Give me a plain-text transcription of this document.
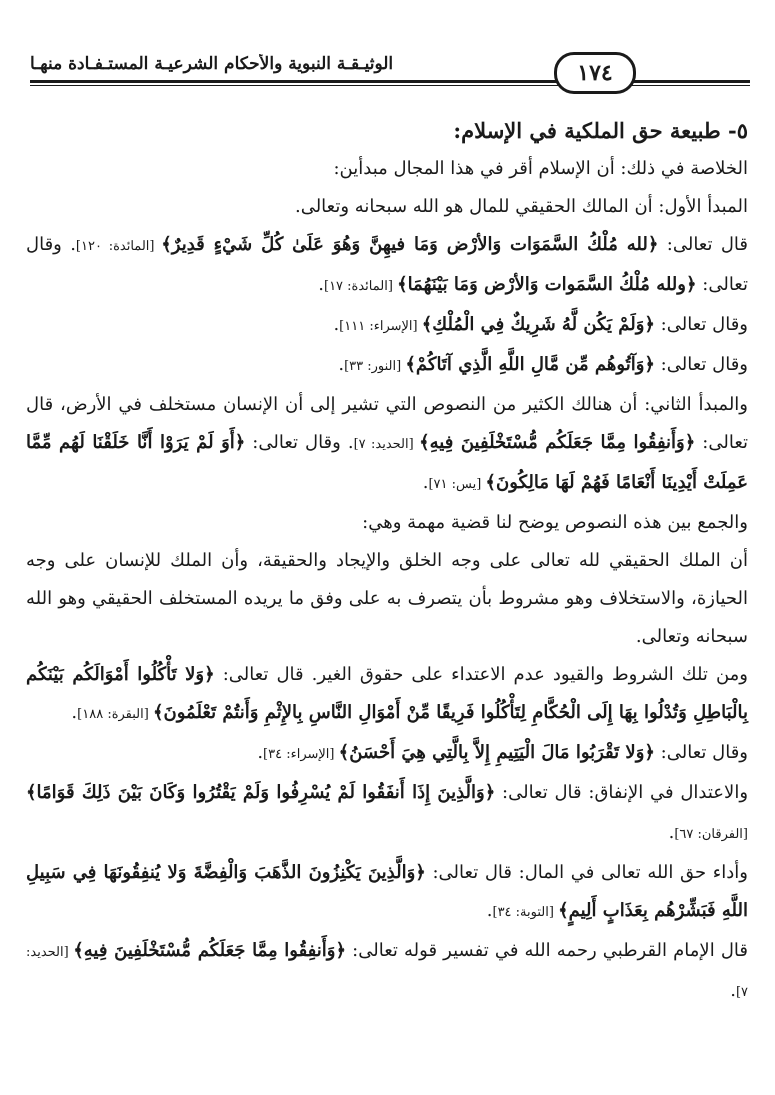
١٧٤
الوثيـقـة النبوية والأحكام الشرعيـة المستـفـادة منهـا

٥- طبيعة حق الملكية في الإسلام:

الخلاصة في ذلك: أن الإسلام أقر في هذا المجال مبدأين:

المبدأ الأول: أن المالك الحقيقي للمال هو الله سبحانه وتعالى.

قال تعالى: ﴿لله مُلْكُ السَّمَوَات وَالأرْض وَمَا فيهِنَّ وَهُوَ عَلَىٰ كُلِّ شَيْءٍ قَدِيرٌ﴾ [المائدة: ١٢٠]. وقال تعالى: ﴿ولله مُلْكُ السَّمَوات وَالأرْض وَمَا بَيْنَهُمَا﴾ [المائدة: ١٧].

وقال تعالى: ﴿وَلَمْ يَكُن لَّهُ شَرِيكٌ فِي الْمُلْكِ﴾ [الإسراء: ١١١].

وقال تعالى: ﴿وَآتُوهُم مِّن مَّالِ اللَّهِ الَّذِي آتَاكُمْ﴾ [النور: ٣٣].

والمبدأ الثاني: أن هنالك الكثير من النصوص التي تشير إلى أن الإنسان مستخلف في الأرض، قال تعالى: ﴿وَأَنفِقُوا مِمَّا جَعَلَكُم مُّسْتَخْلَفِينَ فِيهِ﴾ [الحديد: ٧]. وقال تعالى: ﴿أَوَ لَمْ يَرَوْا أَنَّا خَلَقْنَا لَهُم مِّمَّا عَمِلَتْ أَيْدِينَا أَنْعَامًا فَهُمْ لَهَا مَالِكُونَ﴾ [يس: ٧١].

والجمع بين هذه النصوص يوضح لنا قضية مهمة وهي:

أن الملك الحقيقي لله تعالى على وجه الخلق والإيجاد والحقيقة، وأن الملك للإنسان على وجه الحيازة، والاستخلاف وهو مشروط بأن يتصرف به على وفق ما يريده المستخلف الحقيقي وهو الله سبحانه وتعالى.

ومن تلك الشروط والقيود عدم الاعتداء على حقوق الغير. قال تعالى: ﴿وَلا تَأْكُلُوا أَمْوَالَكُم بَيْنَكُم بِالْبَاطِلِ وَتُدْلُوا بِهَا إِلَى الْحُكَّامِ لِتَأْكُلُوا فَرِيقًا مِّنْ أَمْوَالِ النَّاسِ بِالإِثْمِ وَأَنتُمْ تَعْلَمُونَ﴾ [البقرة: ١٨٨].

وقال تعالى: ﴿وَلا تَقْرَبُوا مَالَ الْيَتِيمِ إِلاَّ بِالَّتِي هِيَ أَحْسَنُ﴾ [الإسراء: ٣٤].

والاعتدال في الإنفاق: قال تعالى: ﴿وَالَّذِينَ إِذَا أَنفَقُوا لَمْ يُسْرِفُوا وَلَمْ يَقْتُرُوا وَكَانَ بَيْنَ ذَلِكَ قَوَامًا﴾ [الفرقان: ٦٧].

وأداء حق الله تعالى في المال: قال تعالى: ﴿وَالَّذِينَ يَكْنِزُونَ الذَّهَبَ وَالْفِضَّةَ وَلا يُنفِقُونَهَا فِي سَبِيلِ اللَّهِ فَبَشِّرْهُم بِعَذَابٍ أَلِيمٍ﴾ [التوبة: ٣٤].

قال الإمام القرطبي رحمه الله في تفسير قوله تعالى: ﴿وَأَنفِقُوا مِمَّا جَعَلَكُم مُّسْتَخْلَفِينَ فِيهِ﴾ [الحديد: ٧].
